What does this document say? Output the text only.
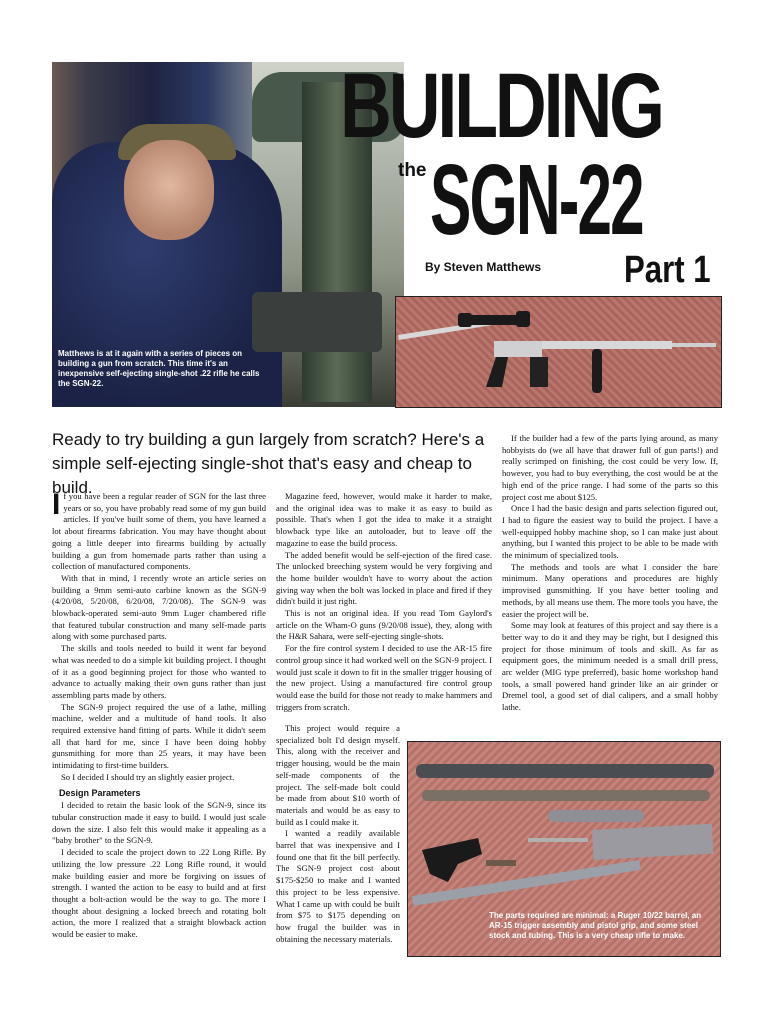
Matthews is at it again with a series of pieces on building a gun from scratch. This time it's an inexpensive self-ejecting single-shot .22 rifle he calls the SGN-22.
BUILDING
the SGN-22
By Steven Matthews Part 1
Ready to try building a gun largely from scratch? Here's a simple self-ejecting single-shot that's easy and cheap to build.

If you have been a regular reader of SGN for the last three years or so, you have probably read some of my gun build articles. If you've built some of them, you have learned a lot about firearms fabrication. You may have thought about going a little deeper into firearms building by actually building a gun from homemade parts rather than using a collection of manufactured components.

With that in mind, I recently wrote an article series on building a 9mm semi-auto carbine known as the SGN-9 (4/20/08, 5/20/08, 6/20/08, 7/20/08). The SGN-9 was blowback-operated semi-auto 9mm Luger chambered rifle that featured tubular construction and many self-made parts along with some purchased parts.

The skills and tools needed to build it went far beyond what was needed to do a simple kit building project. I thought of it as a good beginning project for those who wanted to advance to actually making their own guns rather than just assembling parts made by others.

The SGN-9 project required the use of a lathe, milling machine, welder and a multitude of hand tools. It also required extensive hand fitting of parts. While it didn't seem all that hard for me, since I have been doing hobby gunsmithing for more than 25 years, it may have been intimidating to first-time builders.

So I decided I should try an slightly easier project.

Design Parameters

I decided to retain the basic look of the SGN-9, since its tubular construction made it easy to build. I would just scale down the size. I also felt this would make it appealing as a "baby brother" to the SGN-9.

I decided to scale the project down to .22 Long Rifle. By utilizing the low pressure .22 Long Rifle round, it would make building easier and more be forgiving on issues of strength. I wanted the action to be easy to build and at first thought a bolt-action would be the way to go. The more I thought about designing a locked breech and rotating bolt action, the more I realized that a straight blowback action would be easier to make.

Magazine feed, however, would make it harder to make, and the original idea was to make it as easy to build as possible. That's when I got the idea to make it a straight blowback type like an autoloader, but to leave off the magazine to ease the build process.

The added benefit would be self-ejection of the fired case. The unlocked breeching system would be very forgiving and the home builder wouldn't have to worry about the action giving way when the bolt was locked in place and fired if they didn't build it just right.

This is not an original idea. If you read Tom Gaylord's article on the Wham-O guns (9/20/08 issue), they, along with the H&R Sahara, were self-ejecting single-shots.

For the fire control system I decided to use the AR-15 fire control group since it had worked well on the SGN-9 project. I would just scale it down to fit in the smaller trigger housing of the new project. Using a manufactured fire control group would ease the build for those not ready to make hammers and triggers from scratch.

This project would require a specialized bolt I'd design myself. This, along with the receiver and trigger housing, would be the main self-made components of the project. The self-made bolt could be made from about $10 worth of materials and would be as easy to build as I could make it.

I wanted a readily available barrel that was inexpensive and I found one that fit the bill perfectly. The SGN-9 project cost about $175-$250 to make and I wanted this project to be less expensive. What I came up with could be built from $75 to $175 depending on how frugal the builder was in obtaining the necessary materials.

If the builder had a few of the parts lying around, as many hobbyists do (we all have that drawer full of gun parts!) and really scrimped on finishing, the cost could be very low. If, however, you had to buy everything, the cost would be at the high end of the price range. I had some of the parts so this project cost me about $125.

Once I had the basic design and parts selection figured out, I had to figure the easiest way to build the project. I have a well-equipped hobby machine shop, so I can make just about anything, but I wanted this project to be able to be made with the minimum of specialized tools.

The methods and tools are what I consider the bare minimum. Many operations and procedures are highly improvised gunsmithing. If you have better tooling and methods, by all means use them. The more tools you have, the easier the project will be.

Some may look at features of this project and say there is a better way to do it and they may be right, but I designed this project for those minimum of tools and skill. As far as equipment goes, the minimum needed is a small drill press, arc welder (MIG type preferred), basic home workshop hand tools, a small powered hand grinder like an air grinder or Dremel tool, a good set of dial calipers, and a small hobby lathe.

The parts required are minimal: a Ruger 10/22 barrel, an AR-15 trigger assembly and pistol grip, and some steel stock and tubing. This is a very cheap rifle to make.
